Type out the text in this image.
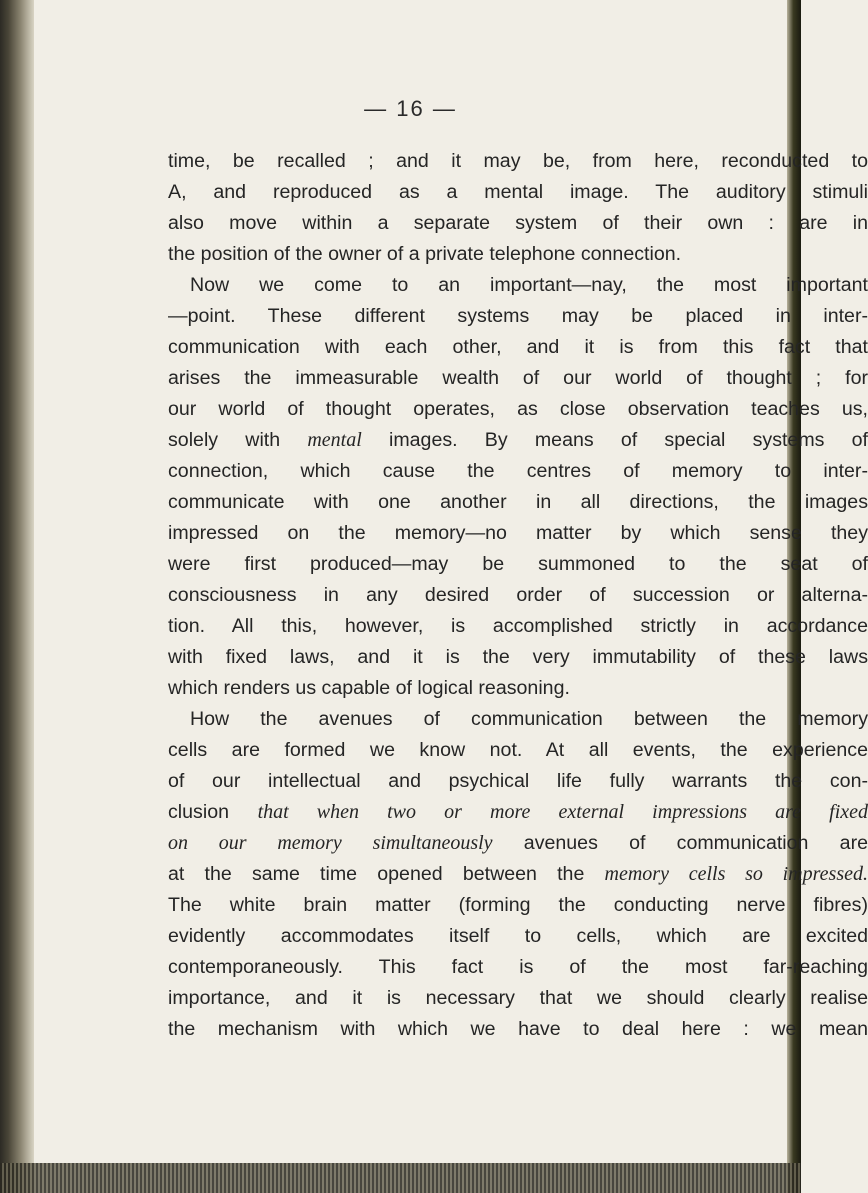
— 16 —
time, be recalled ; and it may be, from here, reconducted to
A, and reproduced as a mental image. The auditory stimuli
also move within a separate system of their own : are in
the position of the owner of a private telephone connection.
Now we come to an important—nay, the most important
—point. These different systems may be placed in inter-
communication with each other, and it is from this fact that
arises the immeasurable wealth of our world of thought ; for
our world of thought operates, as close observation teaches us,
solely with mental images. By means of special systems of
connection, which cause the centres of memory to inter-
communicate with one another in all directions, the images
impressed on the memory—no matter by which sense they
were first produced—may be summoned to the seat of
consciousness in any desired order of succession or alterna-
tion. All this, however, is accomplished strictly in accordance
with fixed laws, and it is the very immutability of these laws
which renders us capable of logical reasoning.
How the avenues of communication between the memory
cells are formed we know not. At all events, the experience
of our intellectual and psychical life fully warrants the con-
clusion that when two or more external impressions are fixed
on our memory simultaneously avenues of communication are
at the same time opened between the memory cells so impressed.
The white brain matter (forming the conducting nerve fibres)
evidently accommodates itself to cells, which are excited
contemporaneously. This fact is of the most far-reaching
importance, and it is necessary that we should clearly realise
the mechanism with which we have to deal here : we mean
